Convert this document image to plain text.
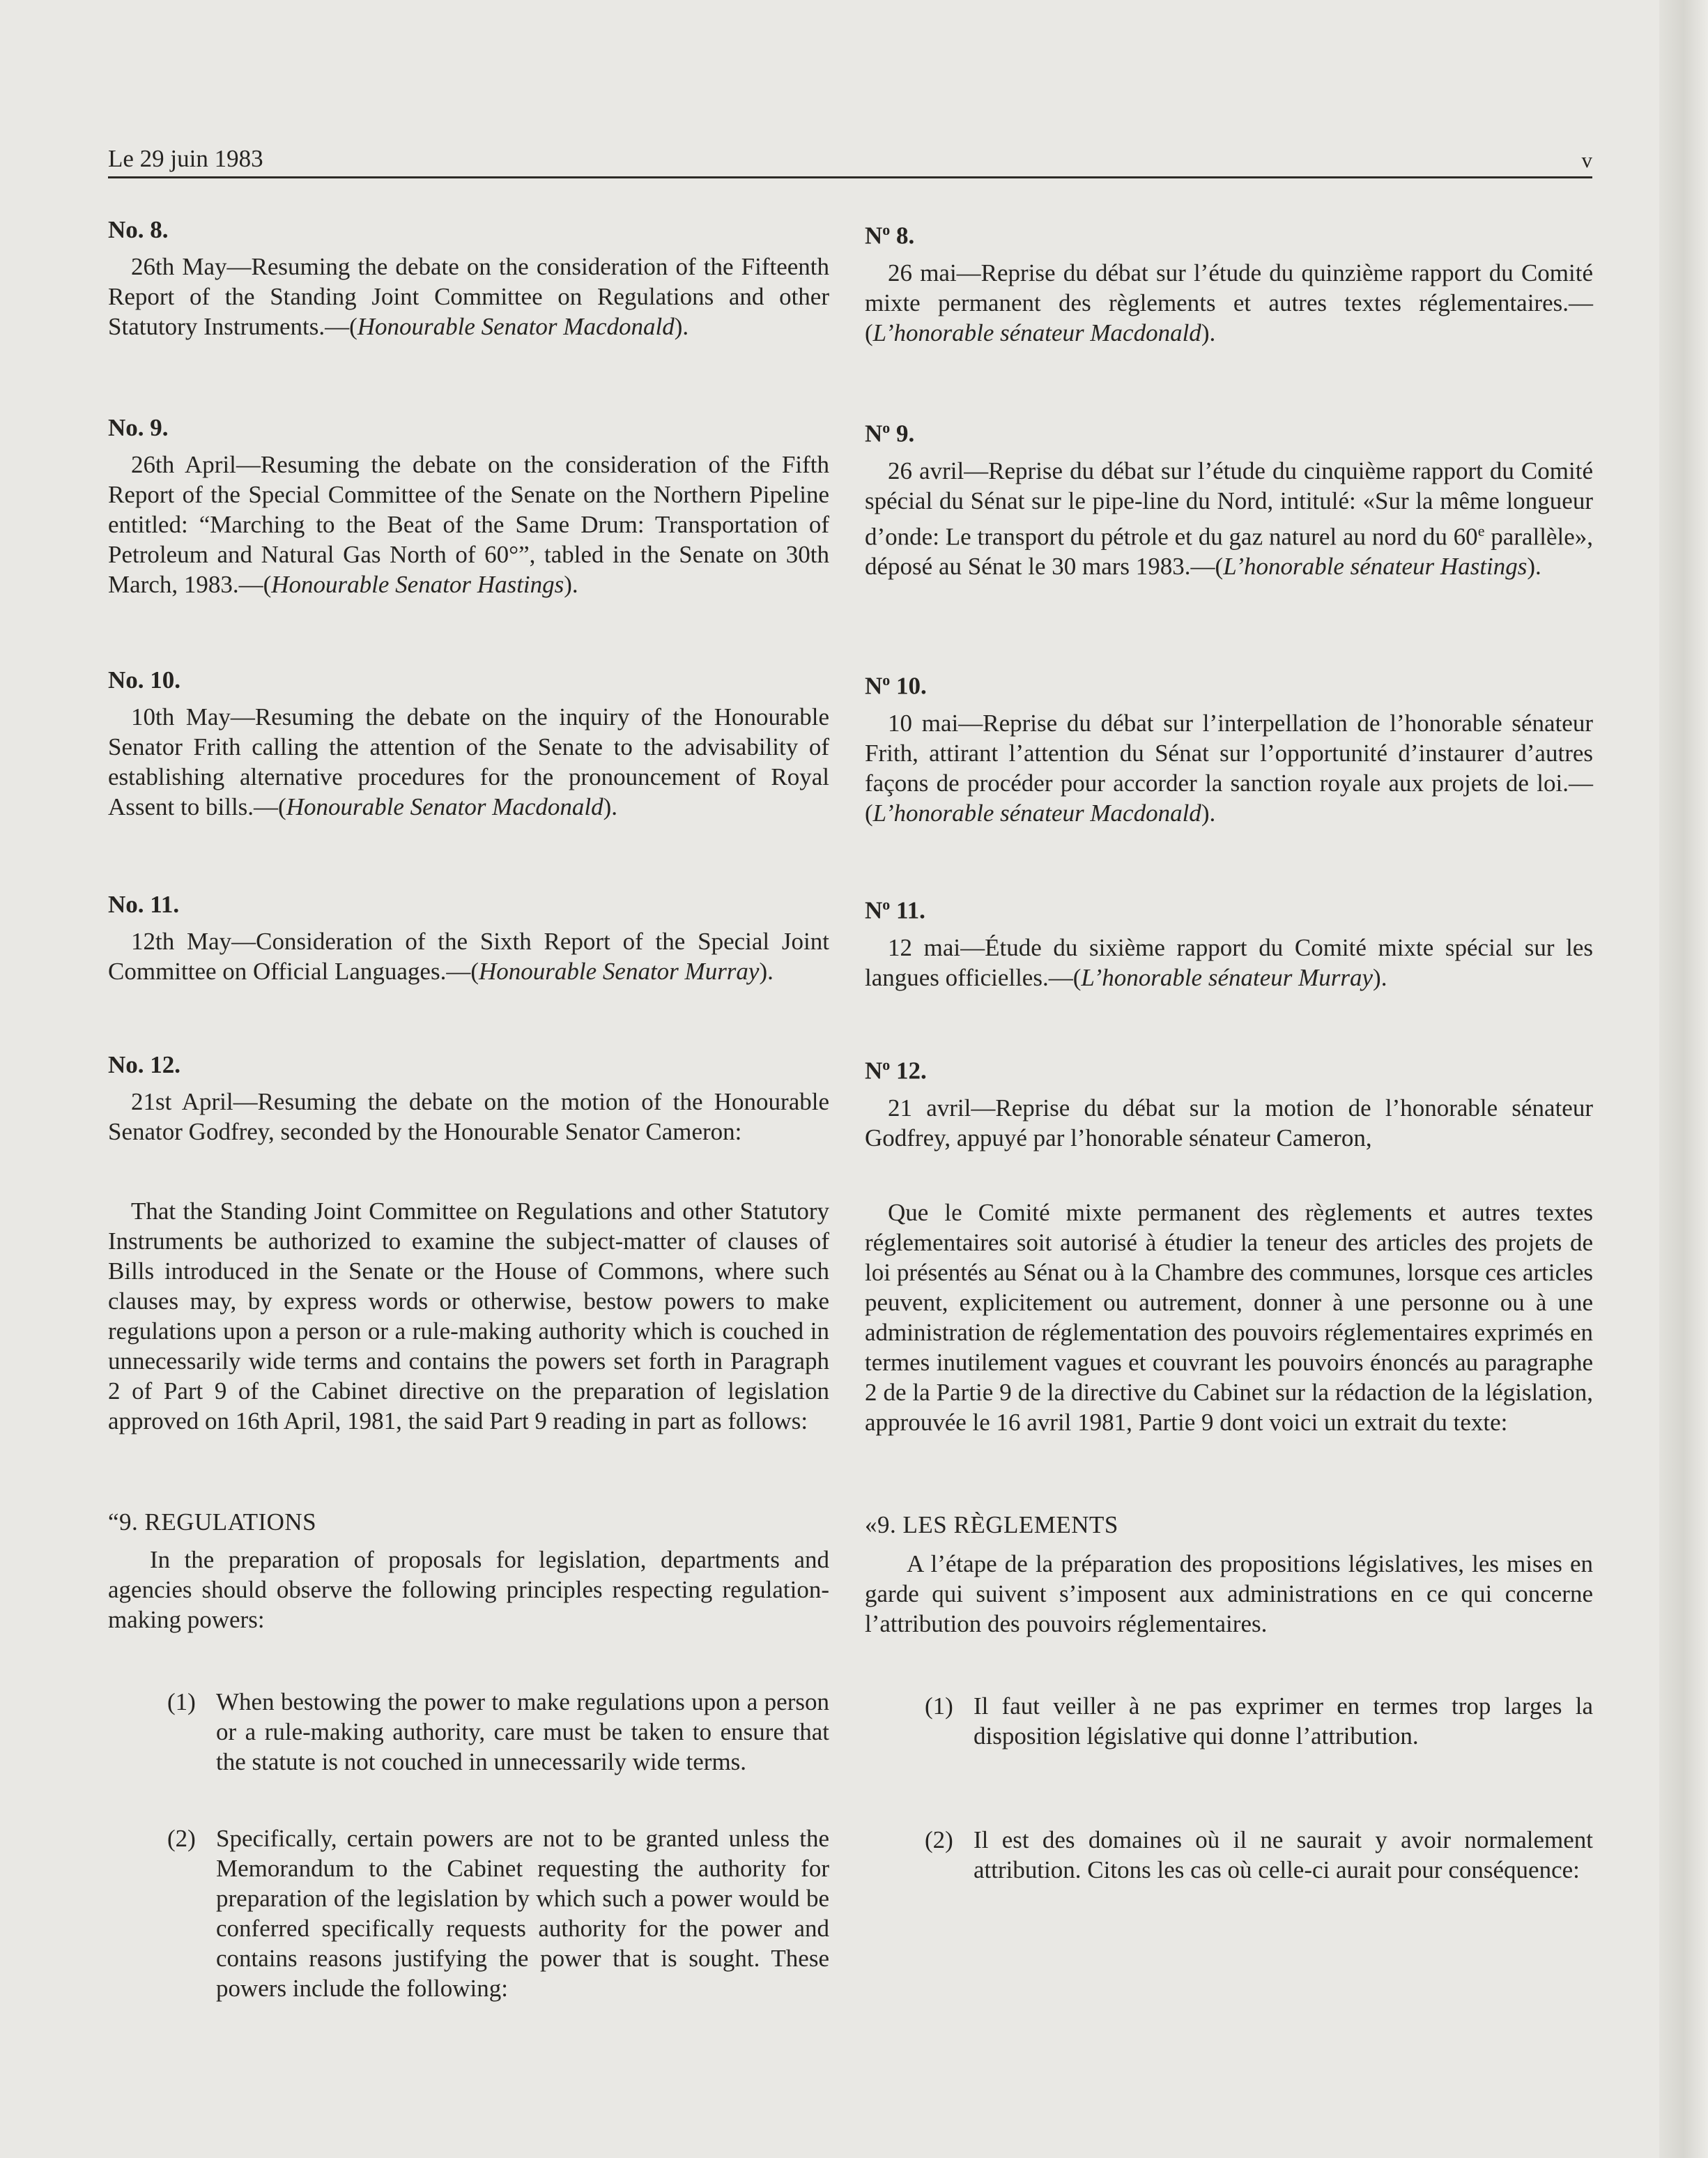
Le 29 juin 1983	v
No. 8.

26th May—Resuming the debate on the consideration of the Fifteenth Report of the Standing Joint Committee on Regulations and other Statutory Instruments.—(Honourable Senator Macdonald).

No. 9.

26th April—Resuming the debate on the consideration of the Fifth Report of the Special Committee of the Senate on the Northern Pipeline entitled: “Marching to the Beat of the Same Drum: Transportation of Petroleum and Natural Gas North of 60°”, tabled in the Senate on 30th March, 1983.—(Honourable Senator Hastings).

No. 10.

10th May—Resuming the debate on the inquiry of the Honourable Senator Frith calling the attention of the Senate to the advisability of establishing alternative procedures for the pronouncement of Royal Assent to bills.—(Honourable Senator Macdonald).

No. 11.

12th May—Consideration of the Sixth Report of the Special Joint Committee on Official Languages.—(Honourable Senator Murray).

No. 12.

21st April—Resuming the debate on the motion of the Honourable Senator Godfrey, seconded by the Honourable Senator Cameron:

That the Standing Joint Committee on Regulations and other Statutory Instruments be authorized to examine the subject-matter of clauses of Bills introduced in the Senate or the House of Commons, where such clauses may, by express words or otherwise, bestow powers to make regulations upon a person or a rule-making authority which is couched in unnecessarily wide terms and contains the powers set forth in Paragraph 2 of Part 9 of the Cabinet directive on the preparation of legislation approved on 16th April, 1981, the said Part 9 reading in part as follows:

“9. REGULATIONS

In the preparation of proposals for legislation, departments and agencies should observe the following principles respecting regulation-making powers:

(1) When bestowing the power to make regulations upon a person or a rule-making authority, care must be taken to ensure that the statute is not couched in unnecessarily wide terms.
(2) Specifically, certain powers are not to be granted unless the Memorandum to the Cabinet requesting the authority for preparation of the legislation by which such a power would be conferred specifically requests authority for the power and contains reasons justifying the power that is sought. These powers include the following:
$N^o$ 8.

26 mai—Reprise du débat sur l’étude du quinzième rapport du Comité mixte permanent des règlements et autres textes réglementaires.—(L’honorable sénateur Macdonald).

$N^o$ 9.

26 avril—Reprise du débat sur l’étude du cinquième rapport du Comité spécial du Sénat sur le pipe-line du Nord, intitulé: «Sur la même longueur d’onde: Le transport du pétrole et du gaz naturel au nord du 60e parallèle», déposé au Sénat le 30 mars 1983.—(L’honorable sénateur Hastings).

$N^o$ 10.

10 mai—Reprise du débat sur l’interpellation de l’honorable sénateur Frith, attirant l’attention du Sénat sur l’opportunité d’instaurer d’autres façons de procéder pour accorder la sanction royale aux projets de loi.—(L’honorable sénateur Macdonald).

$N^o$ 11.

12 mai—Étude du sixième rapport du Comité mixte spécial sur les langues officielles.—(L’honorable sénateur Murray).

$N^o$ 12.

21 avril—Reprise du débat sur la motion de l’honorable sénateur Godfrey, appuyé par l’honorable sénateur Cameron,

Que le Comité mixte permanent des règlements et autres textes réglementaires soit autorisé à étudier la teneur des articles des projets de loi présentés au Sénat ou à la Chambre des communes, lorsque ces articles peuvent, explicitement ou autrement, donner à une personne ou à une administration de réglementation des pouvoirs réglementaires exprimés en termes inutilement vagues et couvrant les pouvoirs énoncés au paragraphe 2 de la Partie 9 de la directive du Cabinet sur la rédaction de la législation, approuvée le 16 avril 1981, Partie 9 dont voici un extrait du texte:

«9. LES RÈGLEMENTS

A l’étape de la préparation des propositions législatives, les mises en garde qui suivent s’imposent aux administrations en ce qui concerne l’attribution des pouvoirs réglementaires.

(1) Il faut veiller à ne pas exprimer en termes trop larges la disposition législative qui donne l’attribution.
(2) Il est des domaines où il ne saurait y avoir normalement attribution. Citons les cas où celle-ci aurait pour conséquence:
